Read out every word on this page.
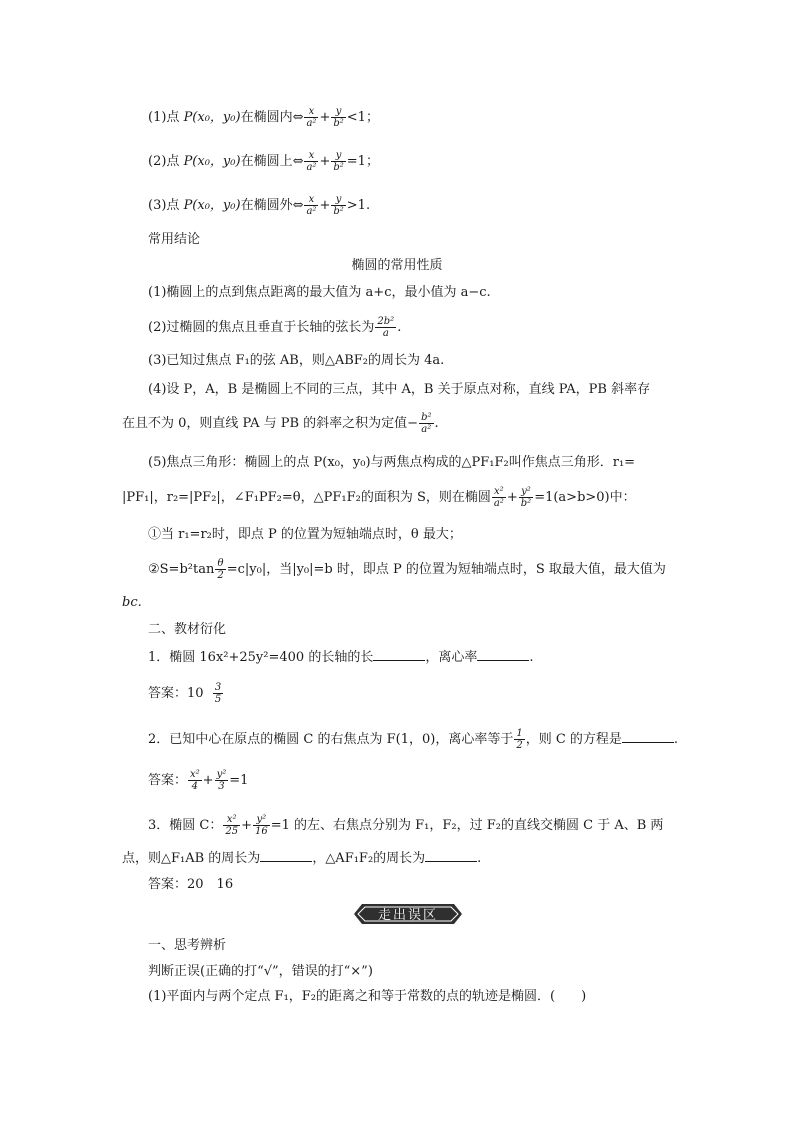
(1)点 P(x₀，y₀)在椭圆内⇔ $\frac{x}{\text{a²}} + \frac{y}{\text{b²}} <1$；
(2)点 P(x₀，y₀)在椭圆上⇔ $\frac{x}{\text{a²}} + \frac{y}{\text{b²}} =1$；
(3)点 P(x₀，y₀)在椭圆外⇔ $\frac{x}{\text{a²}} + \frac{y}{\text{b²}} >1$.
常用结论
椭圆的常用性质
(1)椭圆上的点到焦点距离的最大值为 a+c，最小值为 a−c.
(2)过椭圆的焦点且垂直于长轴的弦长为 $\frac{\text{2b²}}{a}$ .
(3)已知过焦点 F₁的弦 AB，则△ABF₂的周长为 4a.
(4)设 P，A，B 是椭圆上不同的三点，其中 A，B 关于原点对称，直线 PA，PB 斜率存
在且不为 0，则直线 PA 与 PB 的斜率之积为定值− $\frac{\text{b²}}{\text{a²}}$ .
(5)焦点三角形：椭圆上的点 P(x₀，y₀)与两焦点构成的△PF₁F₂叫作焦点三角形．r₁=
|PF₁|，r₂=|PF₂|，∠F₁PF₂=θ，△PF₁F₂的面积为 S，则在椭圆 $\frac{\text{x²}}{\text{a²}} + \frac{\text{y²}}{\text{b²}} =1(a>b>0)$中：
①当 r₁=r₂时，即点 P 的位置为短轴端点时，θ 最大；
②S=b²tan $\frac{\theta}{2} =c|y_0|$，当|y₀|=b 时，即点 P 的位置为短轴端点时，S 取最大值，最大值为
bc.
二、教材衍化
1．椭圆 16x²+25y²=400 的长轴的长	，离心率	.
答案：$10 \frac{3}{5}$
2．已知中心在原点的椭圆 C 的右焦点为 F(1，0)，离心率等于 $\frac{1}{2}$ ，则 C 的方程是	.
答案： $\frac{\text{x²}}{4} + \frac{\text{y²}}{3} =1$
3．椭圆 C： $\frac{\text{x²}}{25} + \frac{\text{y²}}{16} =1$ 的左、右焦点分别为 F₁，F₂，过 F₂的直线交椭圆 C 于 A、B 两
点，则△F₁AB 的周长为	，△AF₁F₂的周长为	.
答案：20　16
走出误区
一、思考辨析
判断正误(正确的打“√”，错误的打“×”)
(1)平面内与两个定点 F₁，F₂的距离之和等于常数的点的轨迹是椭圆．(　　)
